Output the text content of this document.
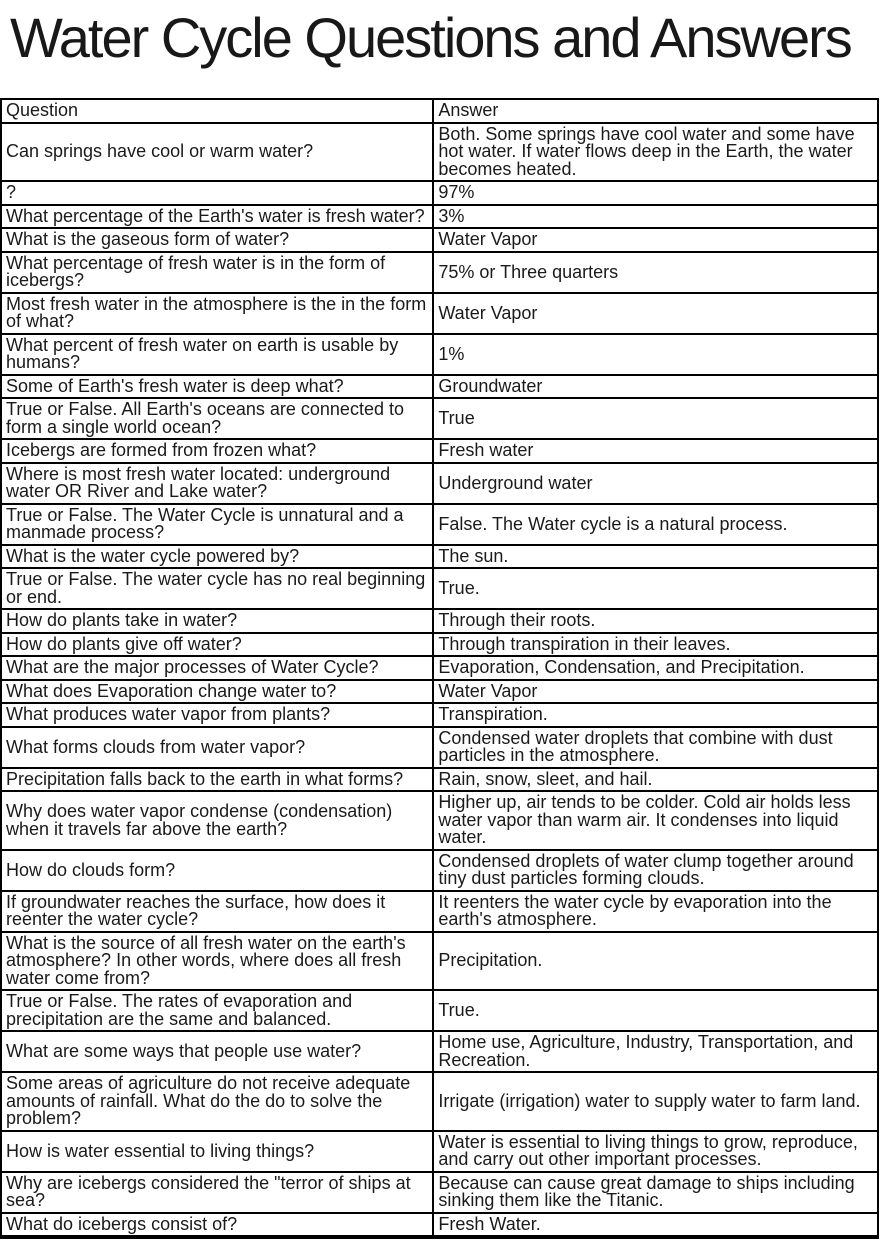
Water Cycle Questions and Answers
Question	Answer
Can springs have cool or warm water?	Both. Some springs have cool water and some have hot water. If water flows deep in the Earth, the water becomes heated.
?	97%
What percentage of the Earth's water is fresh water?	3%
What is the gaseous form of water?	Water Vapor
What percentage of fresh water is in the form of icebergs?	75% or Three quarters
Most fresh water in the atmosphere is the in the form of what?	Water Vapor
What percent of fresh water on earth is usable by humans?	1%
Some of Earth's fresh water is deep what?	Groundwater
True or False. All Earth's oceans are connected to form a single world ocean?	True
Icebergs are formed from frozen what?	Fresh water
Where is most fresh water located: underground water OR River and Lake water?	Underground water
True or False. The Water Cycle is unnatural and a manmade process?	False. The Water cycle is a natural process.
What is the water cycle powered by?	The sun.
True or False. The water cycle has no real beginning or end.	True.
How do plants take in water?	Through their roots.
How do plants give off water?	Through transpiration in their leaves.
What are the major processes of Water Cycle?	Evaporation, Condensation, and Precipitation.
What does Evaporation change water to?	Water Vapor
What produces water vapor from plants?	Transpiration.
What forms clouds from water vapor?	Condensed water droplets that combine with dust particles in the atmosphere.
Precipitation falls back to the earth in what forms?	Rain, snow, sleet, and hail.
Why does water vapor condense (condensation) when it travels far above the earth?	Higher up, air tends to be colder. Cold air holds less water vapor than warm air. It condenses into liquid water.
How do clouds form?	Condensed droplets of water clump together around tiny dust particles forming clouds.
If groundwater reaches the surface, how does it reenter the water cycle?	It reenters the water cycle by evaporation into the earth's atmosphere.
What is the source of all fresh water on the earth's atmosphere? In other words, where does all fresh water come from?	Precipitation.
True or False. The rates of evaporation and precipitation are the same and balanced.	True.
What are some ways that people use water?	Home use, Agriculture, Industry, Transportation, and Recreation.
Some areas of agriculture do not receive adequate amounts of rainfall. What do the do to solve the problem?	Irrigate (irrigation) water to supply water to farm land.
How is water essential to living things?	Water is essential to living things to grow, reproduce, and carry out other important processes.
Why are icebergs considered the "terror of ships at sea?	Because can cause great damage to ships including sinking them like the Titanic.
What do icebergs consist of?	Fresh Water.
